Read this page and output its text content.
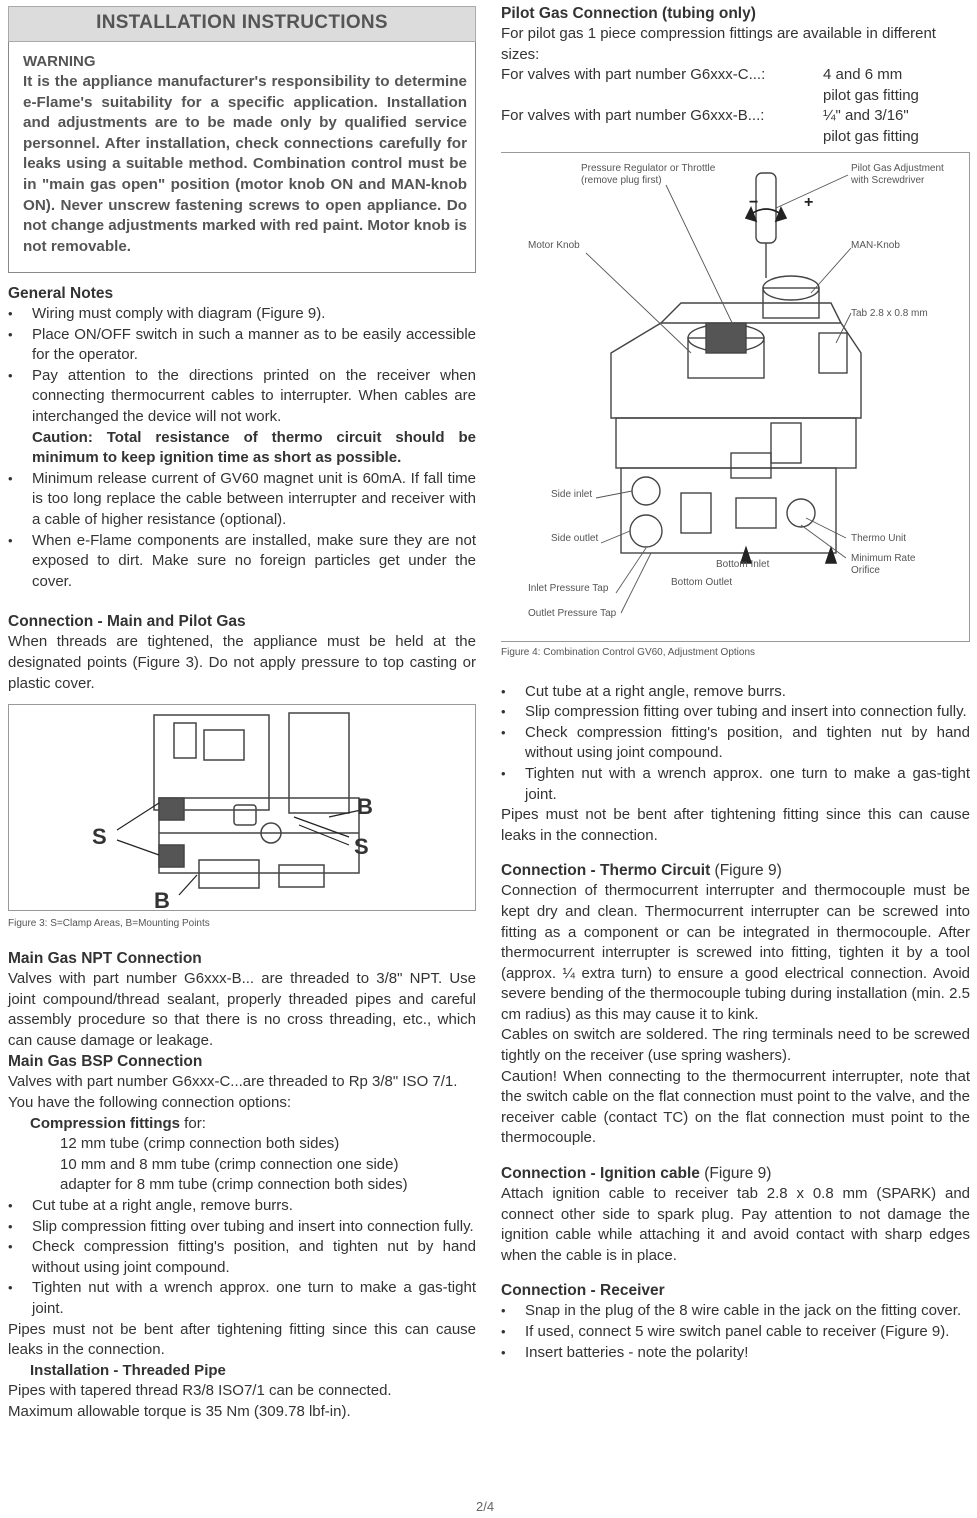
INSTALLATION INSTRUCTIONS
WARNING
It is the appliance manufacturer's responsibility to determine e-Flame's suitability for a specific application. Installation and adjustments are to be made only by qualified service personnel. After installation, check connections carefully for leaks using a suitable method. Combination control must be in "main gas open" position (motor knob ON and MAN-knob ON). Never unscrew fastening screws to open appliance. Do not change adjustments marked with red paint. Motor knob is not removable.
General Notes
• Wiring must comply with diagram (Figure 9).
• Place ON/OFF switch in such a manner as to be easily accessible for the operator.
• Pay attention to the directions printed on the receiver when connecting thermocurrent cables to interrupter. When cables are interchanged the device will not work.
Caution: Total resistance of thermo circuit should be minimum to keep ignition time as short as possible.
• Minimum release current of GV60 magnet unit is 60mA. If fall time is too long replace the cable between interrupter and receiver with a cable of higher resistance (optional).
• When e-Flame components are installed, make sure they are not exposed to dirt. Make sure no foreign particles get under the cover.
Connection - Main and Pilot Gas

When threads are tightened, the appliance must be held at the designated points (Figure 3). Do not apply pressure to top casting or plastic cover.

S	S
B
B
Figure 3: S=Clamp Areas, B=Mounting Points
Main Gas NPT Connection

Valves with part number G6xxx-B... are threaded to 3/8" NPT. Use joint compound/thread sealant, properly threaded pipes and careful assembly procedure so that there is no cross threading, etc., which can cause damage or leakage.

Main Gas BSP Connection

Valves with part number G6xxx-C...are threaded to Rp 3/8" ISO 7/1.

You have the following connection options:

Compression fittings for:

12 mm tube (crimp connection both sides)

10 mm and 8 mm tube (crimp connection one side)

adapter for 8 mm tube (crimp connection both sides)

• Cut tube at a right angle, remove burrs.
• Slip compression fitting over tubing and insert into connection fully.
• Check compression fitting's position, and tighten nut by hand without using joint compound.
• Tighten nut with a wrench approx. one turn to make a gas-tight joint.

Pipes must not be bent after tightening fitting since this can cause leaks in the connection.

Installation - Threaded Pipe

Pipes with tapered thread R3/8 ISO7/1 can be connected.

Maximum allowable torque is 35 Nm (309.78 lbf-in).

Pilot Gas Connection (tubing only)

For pilot gas 1 piece compression fittings are available in different sizes:

For valves with part number G6xxx-C...:	4 and 6 mm
pilot gas fitting
For valves with part number G6xxx-B...:	¼" and 3/16"
pilot gas fitting
Pressure Regulator or Throttle
(remove plug first)
Pilot Gas Adjustment
with Screwdriver
Motor Knob	MAN-Knob
Tab 2.8 x 0.8 mm
Side inlet
Side outlet	Thermo Unit
Minimum Rate
Orifice
Bottom Inlet
Bottom Outlet
Inlet Pressure Tap
Outlet Pressure Tap
−	+
Figure 4: Combination Control GV60, Adjustment Options
• Cut tube at a right angle, remove burrs.
• Slip compression fitting over tubing and insert into connection fully.
• Check compression fitting's position, and tighten nut by hand without using joint compound.
• Tighten nut with a wrench approx. one turn to make a gas-tight joint.

Pipes must not be bent after tightening fitting since this can cause leaks in the connection.

Connection - Thermo Circuit (Figure 9)

Connection of thermocurrent interrupter and thermocouple must be kept dry and clean. Thermocurrent interrupter can be screwed into fitting as a component or can be integrated in thermocouple. After thermocurrent interrupter is screwed into fitting, tighten it by a tool (approx. ¼ extra turn) to ensure a good electrical connection. Avoid severe bending of the thermocouple tubing during installation (min. 2.5 cm radius) as this may cause it to kink.

Cables on switch are soldered. The ring terminals need to be screwed tightly on the receiver (use spring washers).

Caution! When connecting to the thermocurrent interrupter, note that the switch cable on the flat connection must point to the valve, and the receiver cable (contact TC) on the flat connection must point to the thermocouple.

Connection - Ignition cable (Figure 9)

Attach ignition cable to receiver tab 2.8 x 0.8 mm (SPARK) and connect other side to spark plug. Pay attention to not damage the ignition cable while attaching it and avoid contact with sharp edges when the cable is in place.

Connection - Receiver
• Snap in the plug of the 8 wire cable in the jack on the fitting cover.
• If used, connect 5 wire switch panel cable to receiver (Figure 9).
• Insert batteries - note the polarity!
2/4
